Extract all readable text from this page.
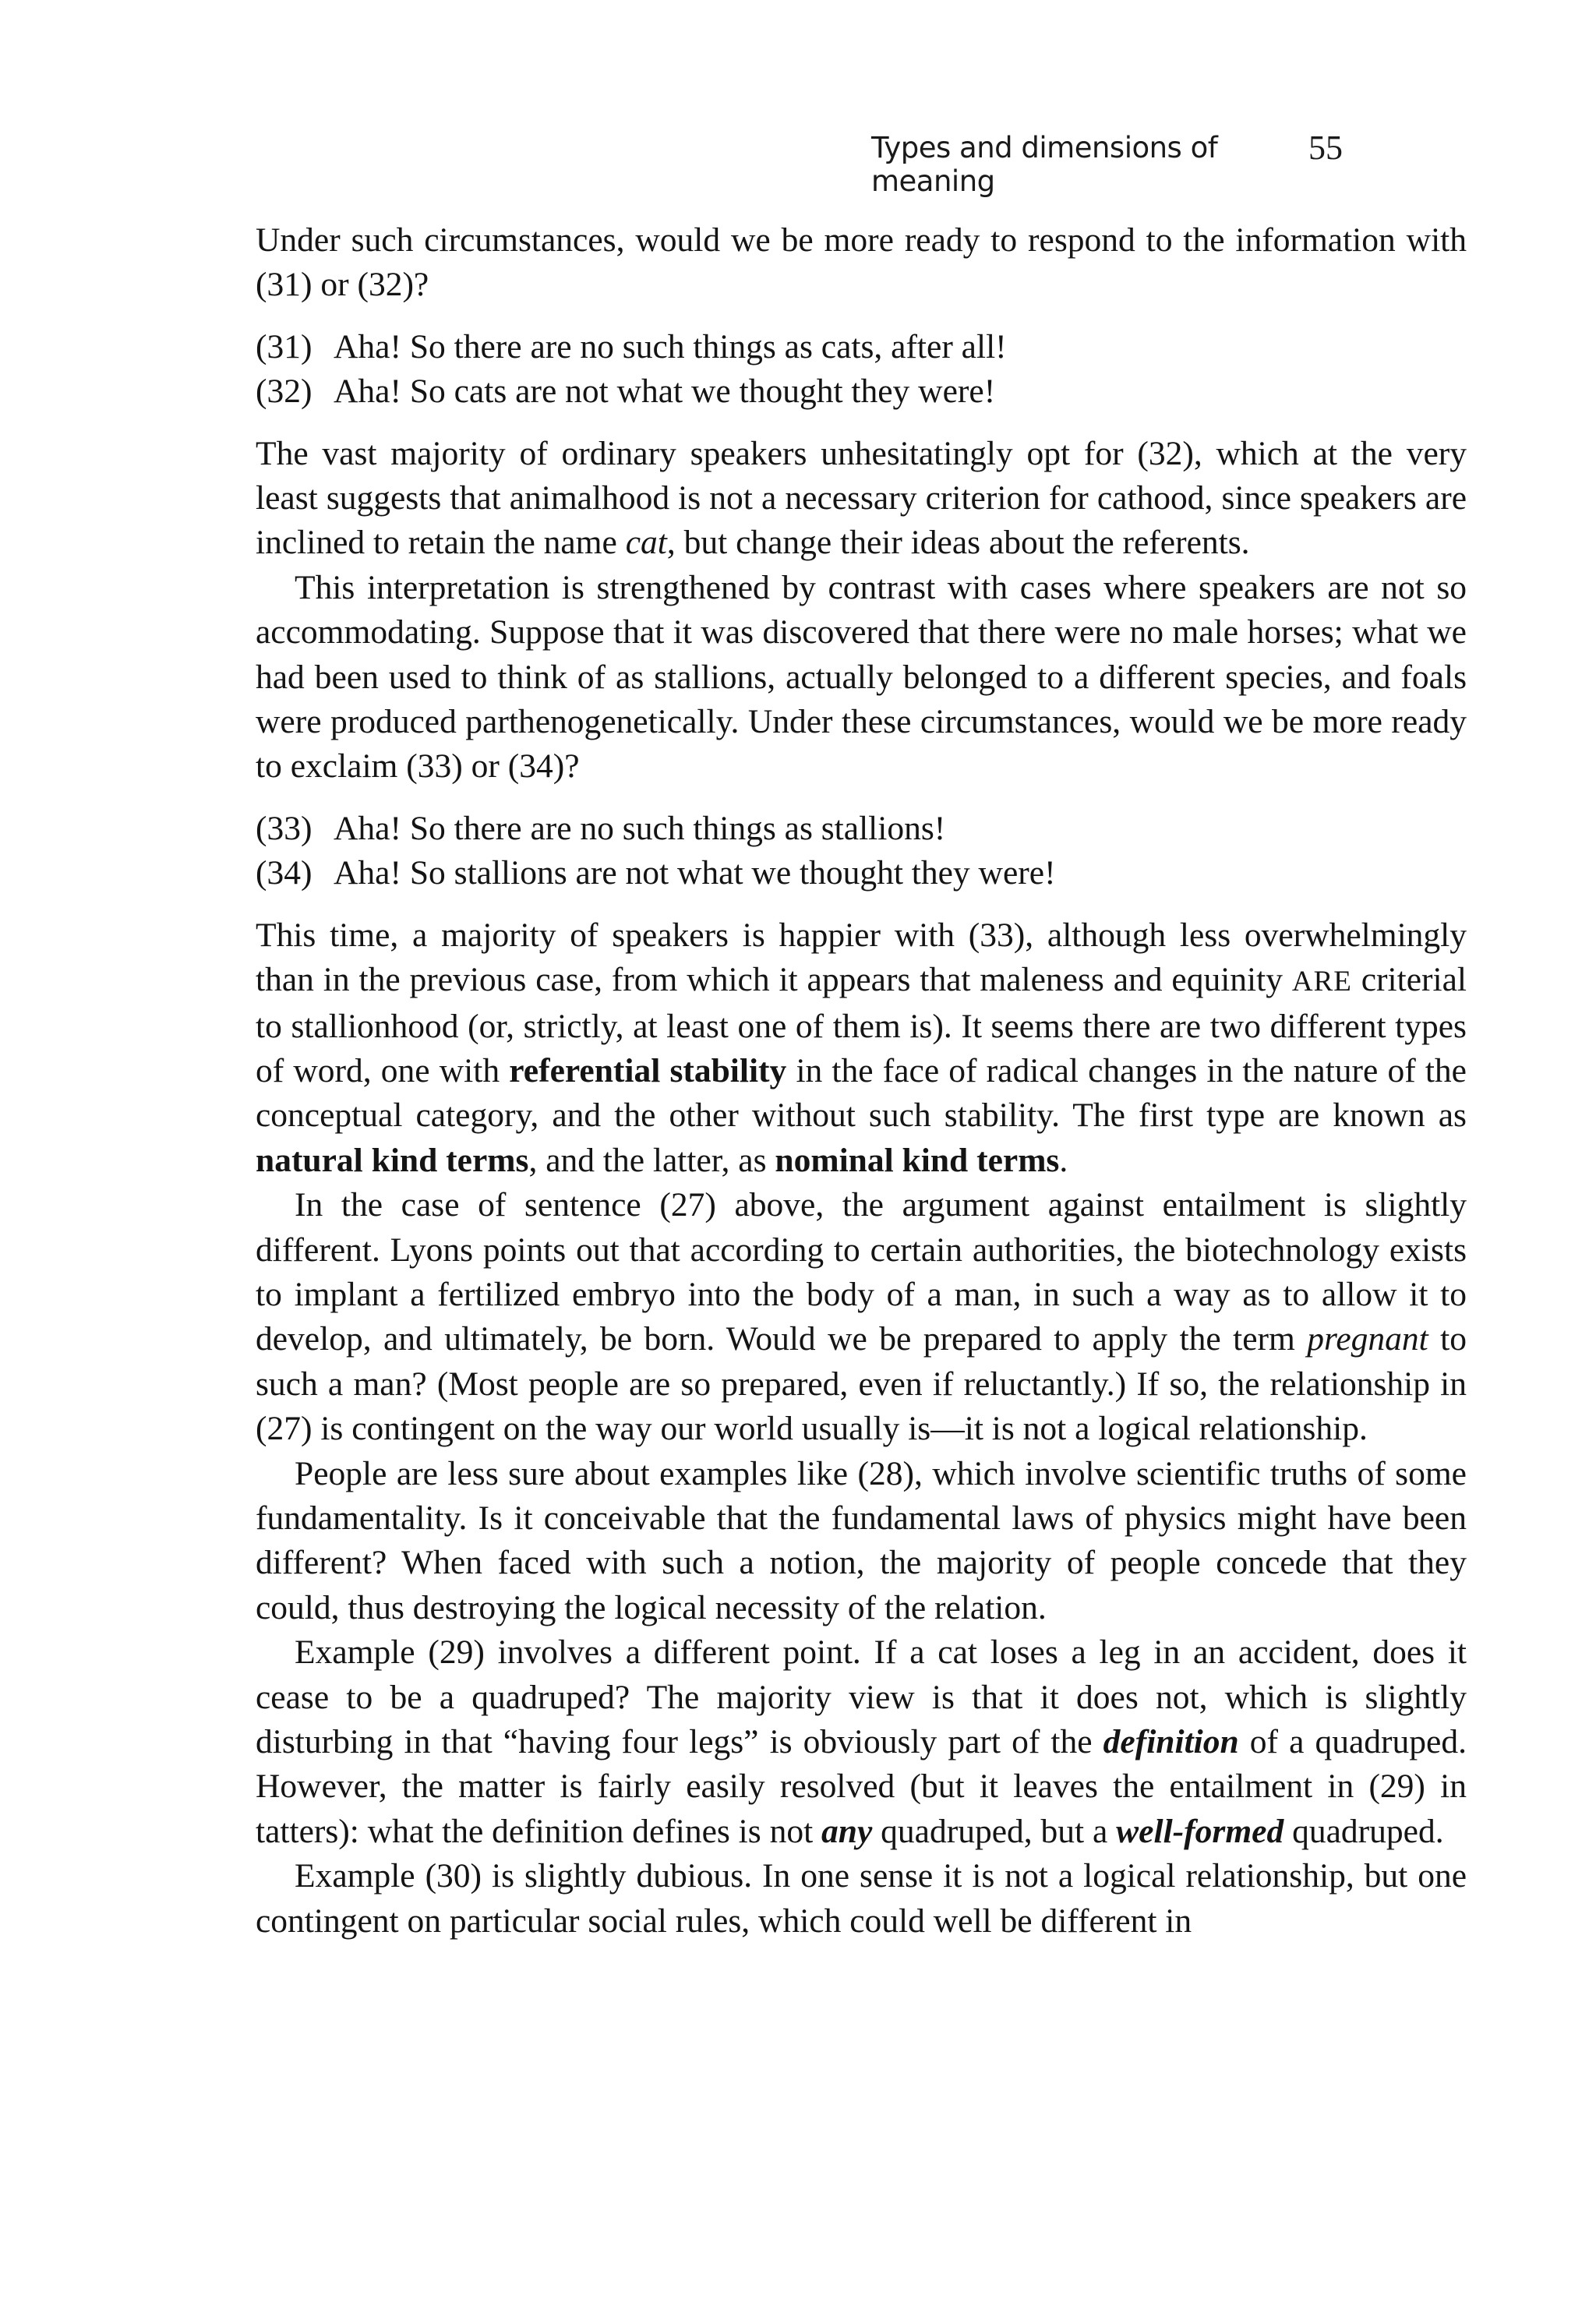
Types and dimensions of meaning
55

Under such circumstances, would we be more ready to respond to the information with (31) or (32)?

(31) Aha! So there are no such things as cats, after all!

(32) Aha! So cats are not what we thought they were!

The vast majority of ordinary speakers unhesitatingly opt for (32), which at the very least suggests that animalhood is not a necessary criterion for cathood, since speakers are inclined to retain the name cat, but change their ideas about the referents.

This interpretation is strengthened by contrast with cases where speakers are not so accommodating. Suppose that it was discovered that there were no male horses; what we had been used to think of as stallions, actually belonged to a different species, and foals were produced parthenogenetically. Under these circumstances, would we be more ready to exclaim (33) or (34)?

(33) Aha! So there are no such things as stallions!

(34) Aha! So stallions are not what we thought they were!

This time, a majority of speakers is happier with (33), although less overwhelmingly than in the previous case, from which it appears that maleness and equinity ARE criterial to stallionhood (or, strictly, at least one of them is). It seems there are two different types of word, one with referential stability in the face of radical changes in the nature of the conceptual category, and the other without such stability. The first type are known as natural kind terms, and the latter, as nominal kind terms.

In the case of sentence (27) above, the argument against entailment is slightly different. Lyons points out that according to certain authorities, the biotechnology exists to implant a fertilized embryo into the body of a man, in such a way as to allow it to develop, and ultimately, be born. Would we be prepared to apply the term pregnant to such a man? (Most people are so prepared, even if reluctantly.) If so, the relationship in (27) is contingent on the way our world usually is—it is not a logical relationship.

People are less sure about examples like (28), which involve scientific truths of some fundamentality. Is it conceivable that the fundamental laws of physics might have been different? When faced with such a notion, the majority of people concede that they could, thus destroying the logical necessity of the relation.

Example (29) involves a different point. If a cat loses a leg in an accident, does it cease to be a quadruped? The majority view is that it does not, which is slightly disturbing in that “having four legs” is obviously part of the definition of a quadruped. However, the matter is fairly easily resolved (but it leaves the entailment in (29) in tatters): what the definition defines is not any quadruped, but a well-formed quadruped.

Example (30) is slightly dubious. In one sense it is not a logical relationship, but one contingent on particular social rules, which could well be different in
